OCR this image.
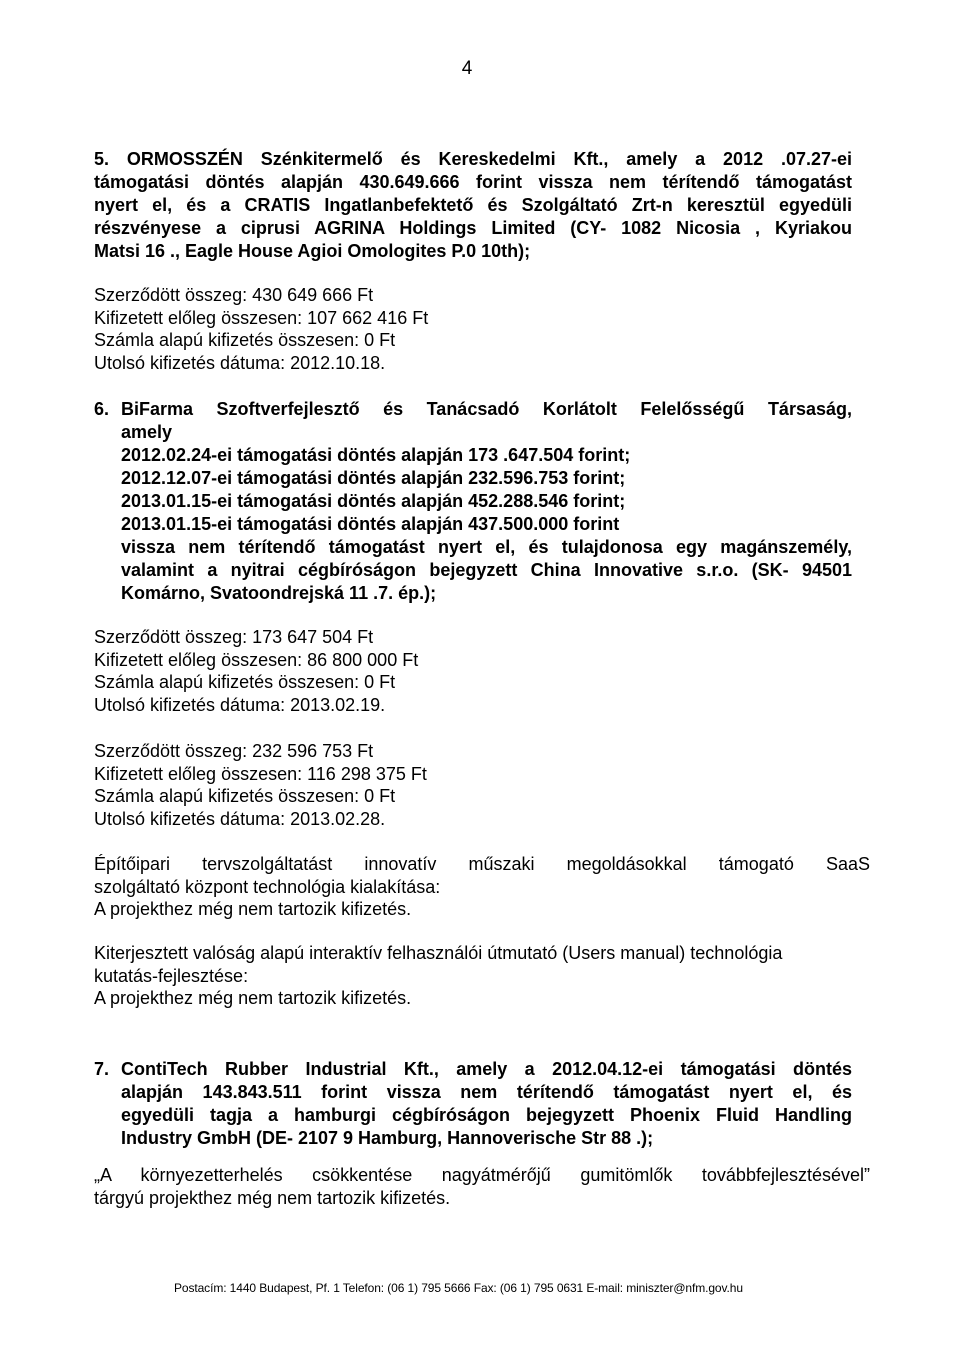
4
5. ORMOSSZÉN Szénkitermelő és Kereskedelmi Kft., amely a 2012 .07.27-ei
támogatási döntés alapján 430.649.666 forint vissza nem térítendő támogatást
nyert el, és a CRATIS Ingatlanbefektető és Szolgáltató Zrt-n keresztül egyedüli
részvényese a ciprusi AGRINA Holdings Limited (CY- 1082 Nicosia , Kyriakou
Matsi 16 ., Eagle House Agioi Omologites P.0 10th);
Szerződött összeg: 430 649 666 Ft
Kifizetett előleg összesen: 107 662 416 Ft
Számla alapú kifizetés összesen: 0 Ft
Utolsó kifizetés dátuma: 2012.10.18.
6. BiFarma Szoftverfejlesztő és Tanácsadó Korlátolt Felelősségű Társaság,
amely
2012.02.24-ei támogatási döntés alapján 173 .647.504 forint;
2012.12.07-ei támogatási döntés alapján 232.596.753 forint;
2013.01.15-ei támogatási döntés alapján 452.288.546 forint;
2013.01.15-ei támogatási döntés alapján 437.500.000 forint
vissza nem térítendő támogatást nyert el, és tulajdonosa egy magánszemély,
valamint a nyitrai cégbíróságon bejegyzett China Innovative s.r.o. (SK- 94501
Komárno, Svatoondrejská 11 .7. ép.);
Szerződött összeg: 173 647 504 Ft
Kifizetett előleg összesen: 86 800 000 Ft
Számla alapú kifizetés összesen: 0 Ft
Utolsó kifizetés dátuma: 2013.02.19.
Szerződött összeg: 232 596 753 Ft
Kifizetett előleg összesen: 116 298 375 Ft
Számla alapú kifizetés összesen: 0 Ft
Utolsó kifizetés dátuma: 2013.02.28.
Építőipari tervszolgáltatást innovatív műszaki megoldásokkal támogató SaaS
szolgáltató központ technológia kialakítása:
A projekthez még nem tartozik kifizetés.
Kiterjesztett valóság alapú interaktív felhasználói útmutató (Users manual) technológia
kutatás-fejlesztése:
A projekthez még nem tartozik kifizetés.
7. ContiTech Rubber Industrial Kft., amely a 2012.04.12-ei támogatási döntés
alapján 143.843.511 forint vissza nem térítendő támogatást nyert el, és
egyedüli tagja a hamburgi cégbíróságon bejegyzett Phoenix Fluid Handling
Industry GmbH (DE- 2107 9 Hamburg, Hannoverische Str 88 .);
„A környezetterhelés csökkentése nagyátmérőjű gumitömlők továbbfejlesztésével”
tárgyú projekthez még nem tartozik kifizetés.
Postacím: 1440 Budapest, Pf. 1 Telefon: (06 1) 795 5666 Fax: (06 1) 795 0631 E-mail: miniszter@nfm.gov.hu
